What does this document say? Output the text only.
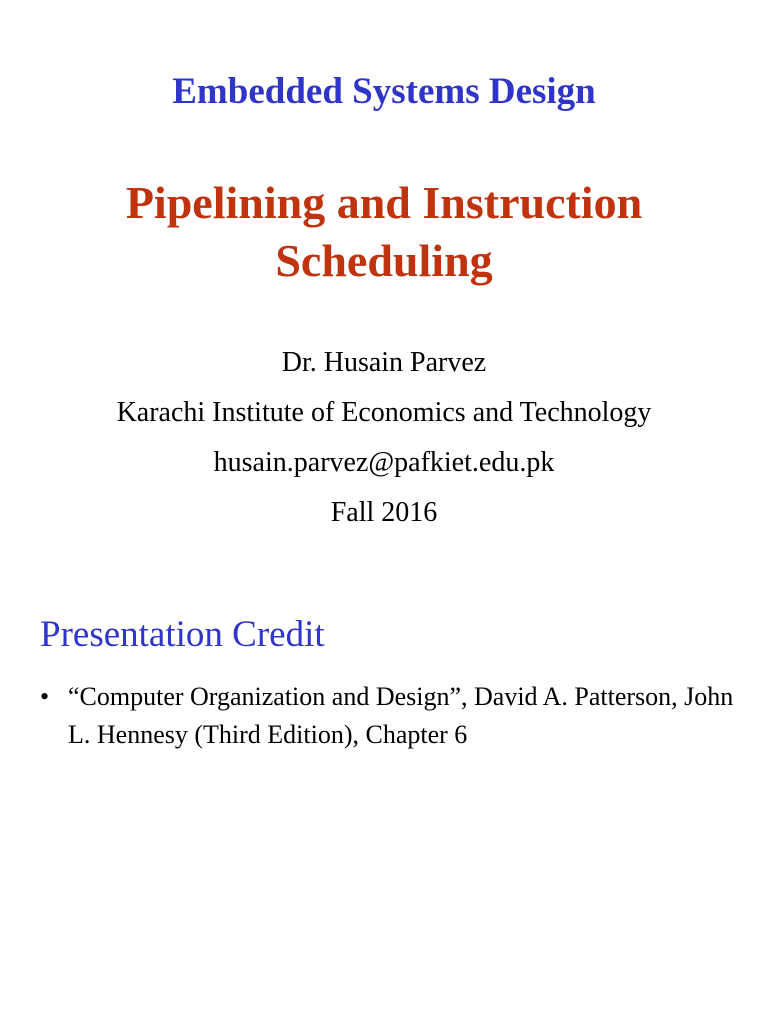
Embedded Systems Design
Pipelining and Instruction Scheduling
Dr. Husain Parvez
Karachi Institute of Economics and Technology
husain.parvez@pafkiet.edu.pk
Fall 2016
Presentation Credit
• “Computer Organization and Design”, David A. Patterson, John L. Hennesy (Third Edition), Chapter 6
